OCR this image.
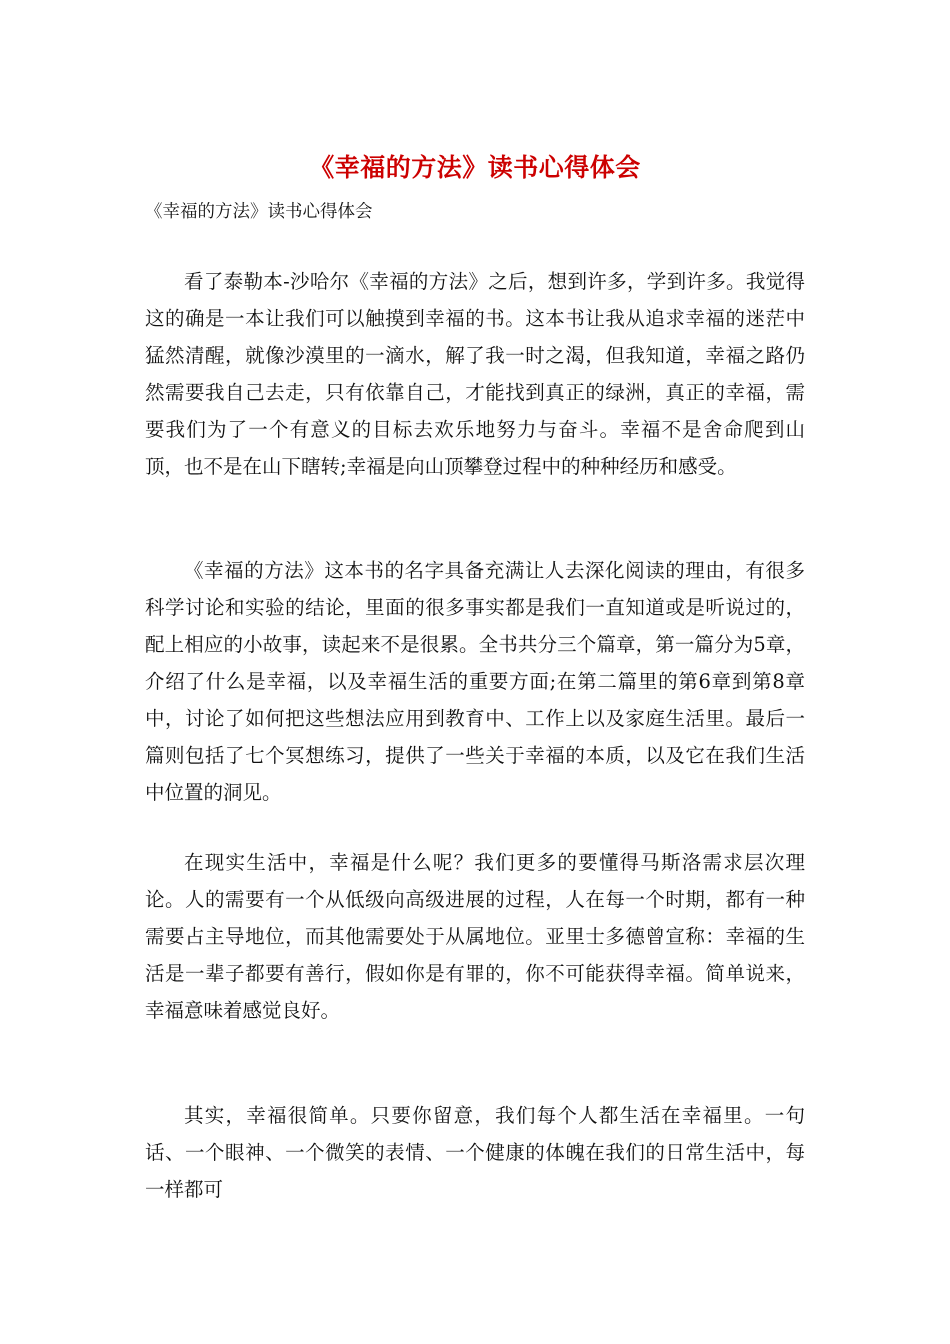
《幸福的方法》读书心得体会
《幸福的方法》读书心得体会

看了泰勒本-沙哈尔《幸福的方法》之后，想到许多，学到许多。我觉得这的确是一本让我们可以触摸到幸福的书。这本书让我从追求幸福的迷茫中猛然清醒，就像沙漠里的一滴水，解了我一时之渴，但我知道，幸福之路仍然需要我自己去走，只有依靠自己，才能找到真正的绿洲，真正的幸福，需要我们为了一个有意义的目标去欢乐地努力与奋斗。幸福不是舍命爬到山顶，也不是在山下瞎转;幸福是向山顶攀登过程中的种种经历和感受。

《幸福的方法》这本书的名字具备充满让人去深化阅读的理由，有很多科学讨论和实验的结论，里面的很多事实都是我们一直知道或是听说过的，配上相应的小故事，读起来不是很累。全书共分三个篇章，第一篇分为5章，介绍了什么是幸福，以及幸福生活的重要方面;在第二篇里的第6章到第8章中，讨论了如何把这些想法应用到教育中、工作上以及家庭生活里。最后一篇则包括了七个冥想练习，提供了一些关于幸福的本质，以及它在我们生活中位置的洞见。

在现实生活中，幸福是什么呢？我们更多的要懂得马斯洛需求层次理论。人的需要有一个从低级向高级进展的过程，人在每一个时期，都有一种需要占主导地位，而其他需要处于从属地位。亚里士多德曾宣称：幸福的生活是一辈子都要有善行，假如你是有罪的，你不可能获得幸福。简单说来，幸福意味着感觉良好。

其实，幸福很简单。只要你留意，我们每个人都生活在幸福里。一句话、一个眼神、一个微笑的表情、一个健康的体魄在我们的日常生活中，每一样都可
